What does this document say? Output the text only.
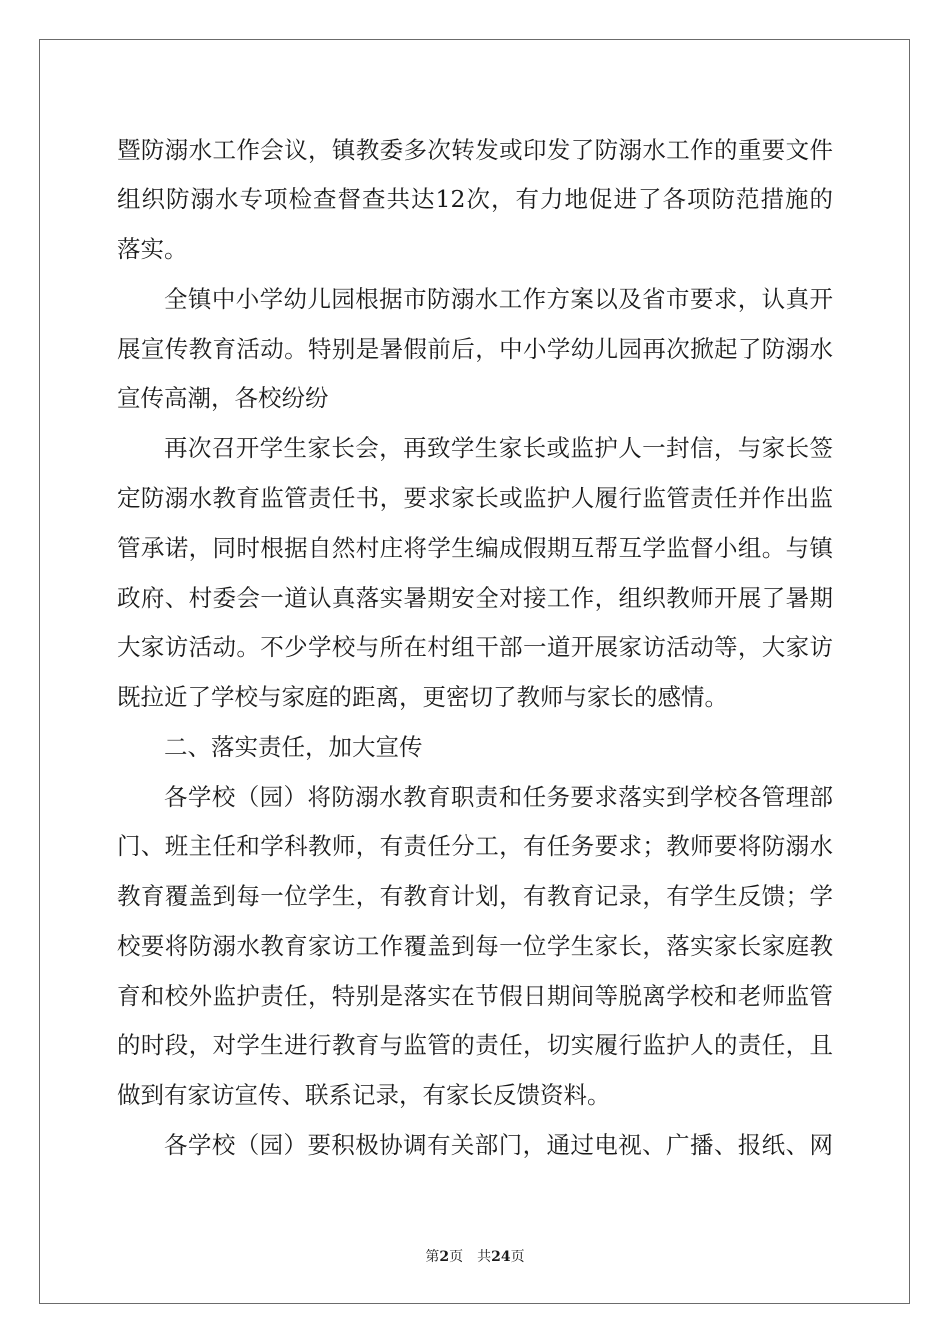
暨防溺水工作会议，镇教委多次转发或印发了防溺水工作的重要文件
组织防溺水专项检查督查共达12次，有力地促进了各项防范措施的
落实。
全镇中小学幼儿园根据市防溺水工作方案以及省市要求，认真开
展宣传教育活动。特别是暑假前后，中小学幼儿园再次掀起了防溺水
宣传高潮，各校纷纷
再次召开学生家长会，再致学生家长或监护人一封信，与家长签
定防溺水教育监管责任书，要求家长或监护人履行监管责任并作出监
管承诺，同时根据自然村庄将学生编成假期互帮互学监督小组。与镇
政府、村委会一道认真落实暑期安全对接工作，组织教师开展了暑期
大家访活动。不少学校与所在村组干部一道开展家访活动等，大家访
既拉近了学校与家庭的距离，更密切了教师与家长的感情。
二、落实责任，加大宣传
各学校（园）将防溺水教育职责和任务要求落实到学校各管理部
门、班主任和学科教师，有责任分工，有任务要求；教师要将防溺水
教育覆盖到每一位学生，有教育计划，有教育记录，有学生反馈；学
校要将防溺水教育家访工作覆盖到每一位学生家长，落实家长家庭教
育和校外监护责任，特别是落实在节假日期间等脱离学校和老师监管
的时段，对学生进行教育与监管的责任，切实履行监护人的责任，且
做到有家访宣传、联系记录，有家长反馈资料。
各学校（园）要积极协调有关部门，通过电视、广播、报纸、网
第2页　共24页
